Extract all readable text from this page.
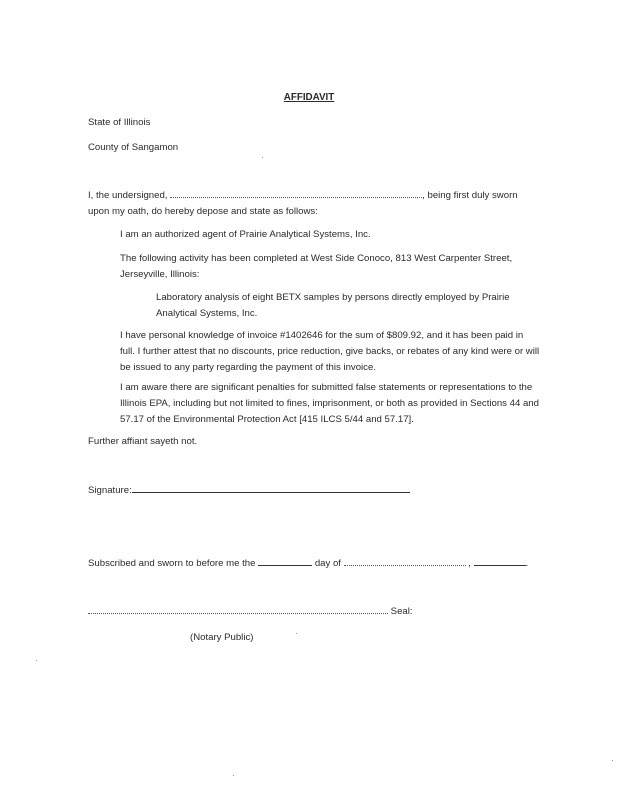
AFFIDAVIT
State of Illinois
County of Sangamon
I, the undersigned,	, being first duly sworn
upon my oath, do hereby depose and state as follows:
I am an authorized agent of Prairie Analytical Systems, Inc.
The following activity has been completed at West Side Conoco, 813 West Carpenter Street, Jerseyville, Illinois:
Laboratory analysis of eight BETX samples by persons directly employed by Prairie Analytical Systems, Inc.
I have personal knowledge of invoice #1402646 for the sum of $809.92, and it has been paid in full. I further attest that no discounts, price reduction, give backs, or rebates of any kind were or will be issued to any party regarding the payment of this invoice.
I am aware there are significant penalties for submitted false statements or representations to the Illinois EPA, including but not limited to fines, imprisonment, or both as provided in Sections 44 and 57.17 of the Environmental Protection Act [415 ILCS 5/44 and 57.17].
Further affiant sayeth not.
Signature:
Subscribed and sworn to before me the	day of	,	.
Seal:
(Notary Public)
